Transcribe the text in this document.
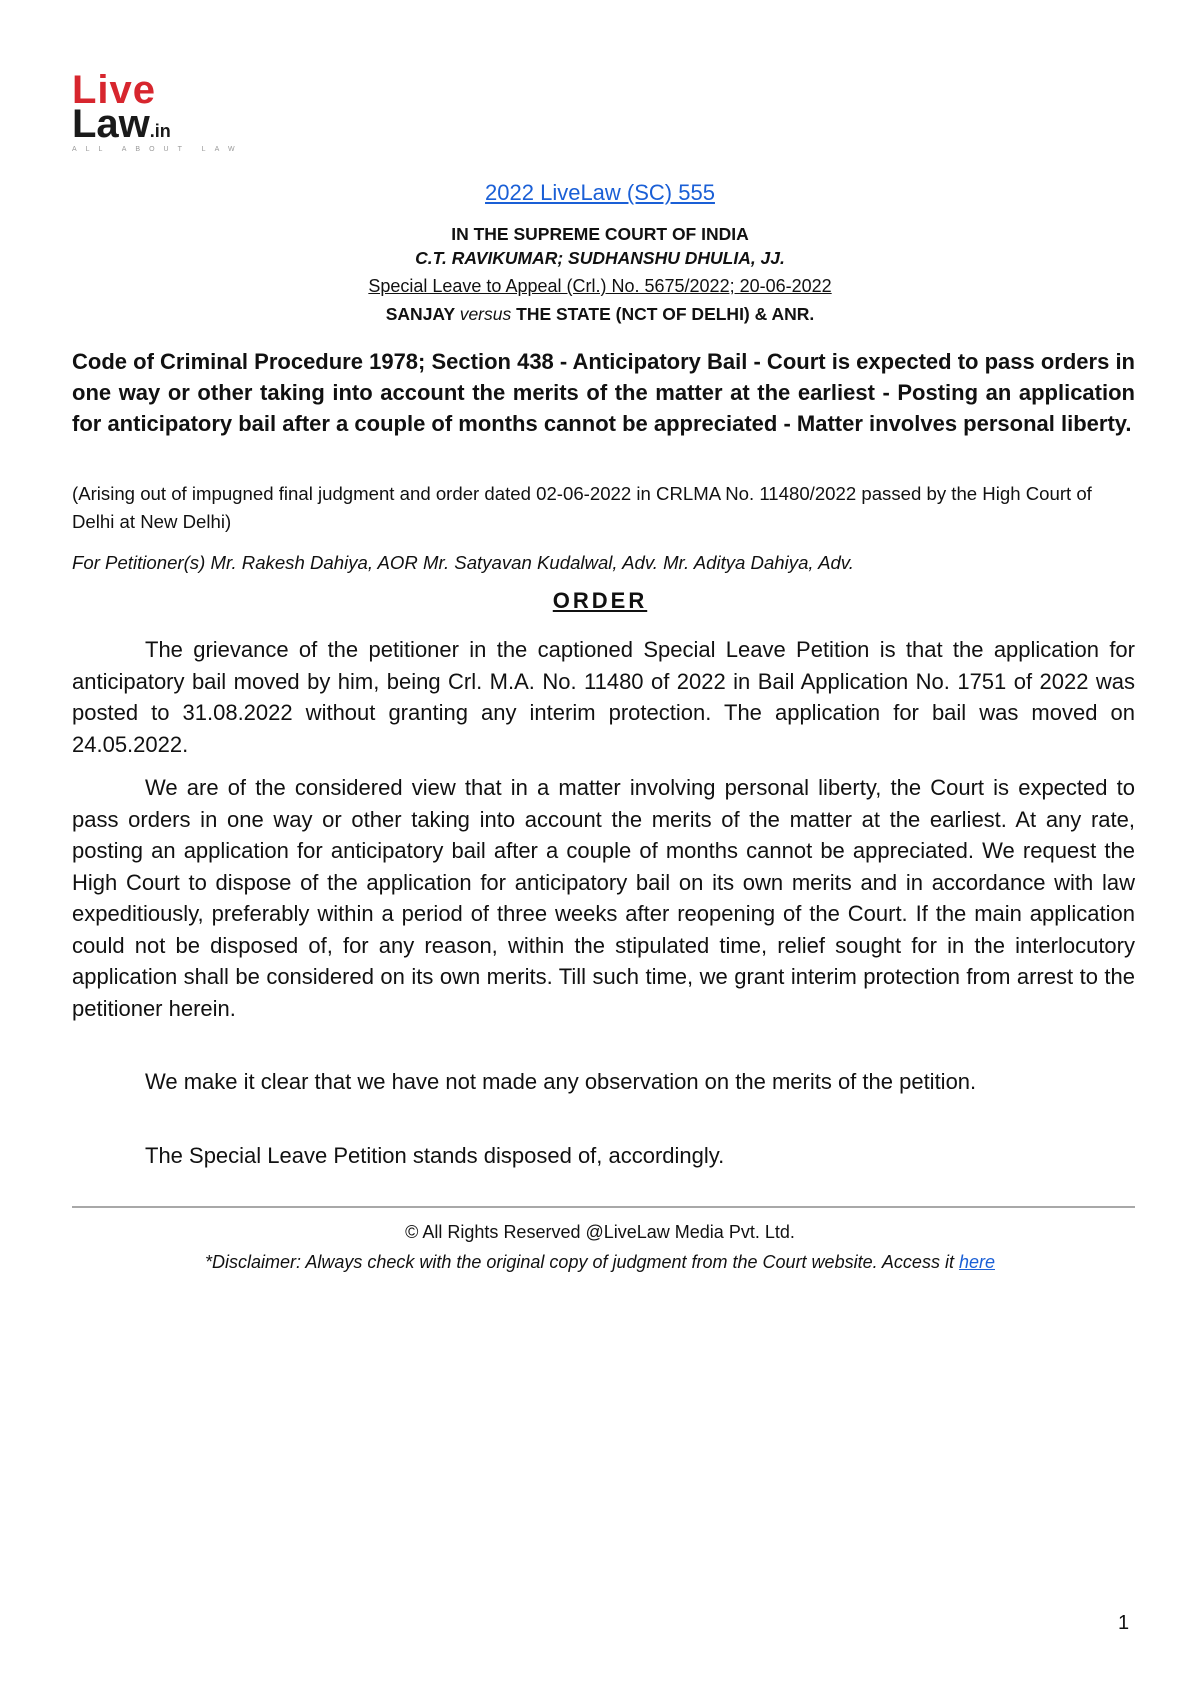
Live
Law.in
ALL ABOUT LAW
2022 LiveLaw (SC) 555
IN THE SUPREME COURT OF INDIA
C.T. RAVIKUMAR; SUDHANSHU DHULIA, JJ.
Special Leave to Appeal (Crl.) No. 5675/2022; 20-06-2022
SANJAY versus THE STATE (NCT OF DELHI) & ANR.
Code of Criminal Procedure 1978; Section 438 - Anticipatory Bail - Court is expected to pass orders in one way or other taking into account the merits of the matter at the earliest - Posting an application for anticipatory bail after a couple of months cannot be appreciated - Matter involves personal liberty.
(Arising out of impugned final judgment and order dated 02-06-2022 in CRLMA No. 11480/2022 passed by the High Court of Delhi at New Delhi)
For Petitioner(s) Mr. Rakesh Dahiya, AOR Mr. Satyavan Kudalwal, Adv. Mr. Aditya Dahiya, Adv.
ORDER
The grievance of the petitioner in the captioned Special Leave Petition is that the application for anticipatory bail moved by him, being Crl. M.A. No. 11480 of 2022 in Bail Application No. 1751 of 2022 was posted to 31.08.2022 without granting any interim protection. The application for bail was moved on 24.05.2022.
We are of the considered view that in a matter involving personal liberty, the Court is expected to pass orders in one way or other taking into account the merits of the matter at the earliest. At any rate, posting an application for anticipatory bail after a couple of months cannot be appreciated. We request the High Court to dispose of the application for anticipatory bail on its own merits and in accordance with law expeditiously, preferably within a period of three weeks after reopening of the Court. If the main application could not be disposed of, for any reason, within the stipulated time, relief sought for in the interlocutory application shall be considered on its own merits. Till such time, we grant interim protection from arrest to the petitioner herein.
We make it clear that we have not made any observation on the merits of the petition.
The Special Leave Petition stands disposed of, accordingly.
© All Rights Reserved @LiveLaw Media Pvt. Ltd.
*Disclaimer: Always check with the original copy of judgment from the Court website. Access it here
1
